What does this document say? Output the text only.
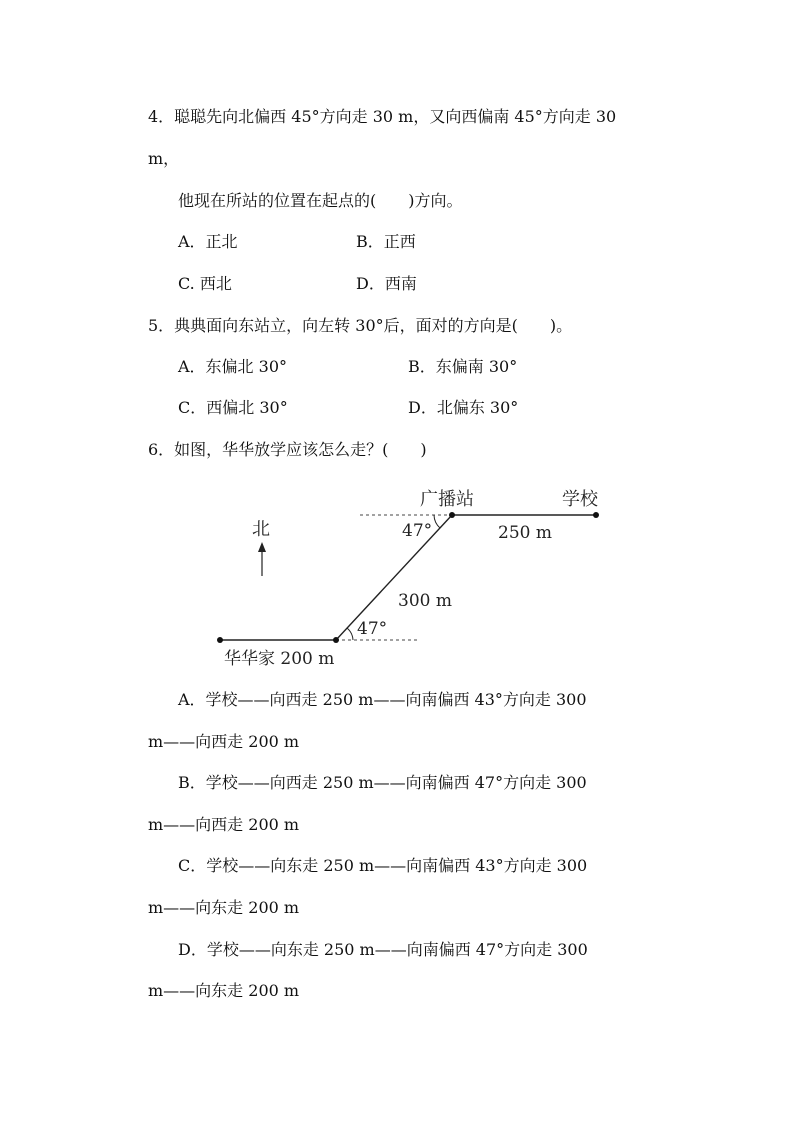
4．聪聪先向北偏西 45°方向走 30 m，又向西偏南 45°方向走 30
m，
他现在所站的位置在起点的(　　)方向。
A．正北	B．正西
C. 西北	D．西南
5．典典面向东站立，向左转 30°后，面对的方向是(　　)。
A．东偏北 30°	B．东偏南 30°
C．西偏北 30°	D．北偏东 30°
6．如图，华华放学应该怎么走？(　　)
北
广播站	学校
250 m
300 m
47°
47°
华华家 200 m
A．学校——向西走 250 m——向南偏西 43°方向走 300
m——向西走 200 m
B．学校——向西走 250 m——向南偏西 47°方向走 300
m——向西走 200 m
C．学校——向东走 250 m——向南偏西 43°方向走 300
m——向东走 200 m
D．学校——向东走 250 m——向南偏西 47°方向走 300
m——向东走 200 m
